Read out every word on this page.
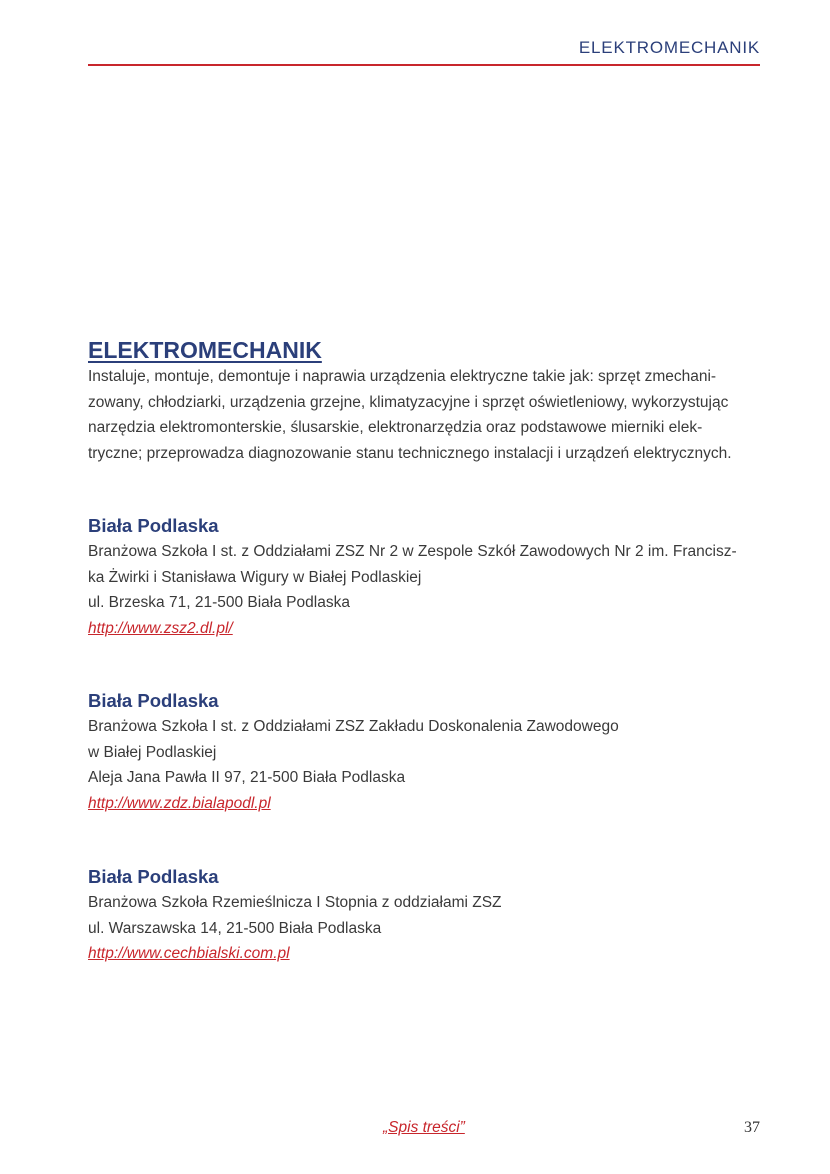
ELEKTROMECHANIK
ELEKTROMECHANIK

Instaluje, montuje, demontuje i naprawia urządzenia elektryczne takie jak: sprzęt zmechani-

zowany, chłodziarki, urządzenia grzejne, klimatyzacyjne i sprzęt oświetleniowy, wykorzystując

narzędzia elektromonterskie, ślusarskie, elektronarzędzia oraz podstawowe mierniki elek-

tryczne; przeprowadza diagnozowanie stanu technicznego instalacji i urządzeń elektrycznych.

Biała Podlaska

Branżowa Szkoła I st. z Oddziałami ZSZ Nr 2 w Zespole Szkół Zawodowych Nr 2 im. Francisz-

ka Żwirki i Stanisława Wigury w Białej Podlaskiej

ul. Brzeska 71, 21-500 Biała Podlaska

http://www.zsz2.dl.pl/

Biała Podlaska

Branżowa Szkoła I st. z Oddziałami ZSZ Zakładu Doskonalenia Zawodowego

w Białej Podlaskiej

Aleja Jana Pawła II 97, 21-500 Biała Podlaska

http://www.zdz.bialapodl.pl

Biała Podlaska

Branżowa Szkoła Rzemieślnicza I Stopnia z oddziałami ZSZ

ul. Warszawska 14, 21-500 Biała Podlaska

http://www.cechbialski.com.pl
„Spis treści”	37
